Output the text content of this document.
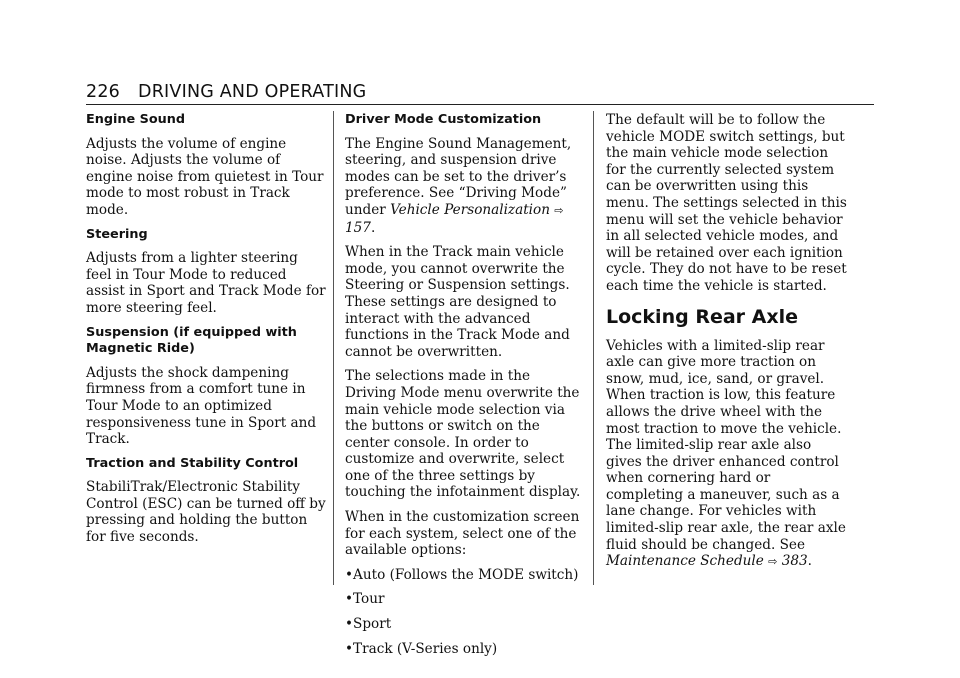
226 DRIVING AND OPERATING
Engine Sound

Adjusts the volume of engine noise. Adjusts the volume of engine noise from quietest in Tour mode to most robust in Track mode.

Steering

Adjusts from a lighter steering feel in Tour Mode to reduced assist in Sport and Track Mode for more steering feel.

Suspension (if equipped with Magnetic Ride)

Adjusts the shock dampening firmness from a comfort tune in Tour Mode to an optimized responsiveness tune in Sport and Track.

Traction and Stability Control

StabiliTrak/Electronic Stability Control (ESC) can be turned off by pressing and holding the button for five seconds.

Driver Mode Customization

The Engine Sound Management, steering, and suspension drive modes can be set to the driver’s preference. See “Driving Mode” under Vehicle Personalization ⇨ 157.

When in the Track main vehicle mode, you cannot overwrite the Steering or Suspension settings. These settings are designed to interact with the advanced functions in the Track Mode and cannot be overwritten.

The selections made in the Driving Mode menu overwrite the main vehicle mode selection via the buttons or switch on the center console. In order to customize and overwrite, select one of the three settings by touching the infotainment display.

When in the customization screen for each system, select one of the available options:

• Auto (Follows the MODE switch)
• Tour
• Sport
• Track (V-Series only)

The default will be to follow the vehicle MODE switch settings, but the main vehicle mode selection for the currently selected system can be overwritten using this menu. The settings selected in this menu will set the vehicle behavior in all selected vehicle modes, and will be retained over each ignition cycle. They do not have to be reset each time the vehicle is started.

Locking Rear Axle

Vehicles with a limited-slip rear axle can give more traction on snow, mud, ice, sand, or gravel. When traction is low, this feature allows the drive wheel with the most traction to move the vehicle. The limited-slip rear axle also gives the driver enhanced control when cornering hard or completing a maneuver, such as a lane change. For vehicles with limited-slip rear axle, the rear axle fluid should be changed. See Maintenance Schedule ⇨ 383.
